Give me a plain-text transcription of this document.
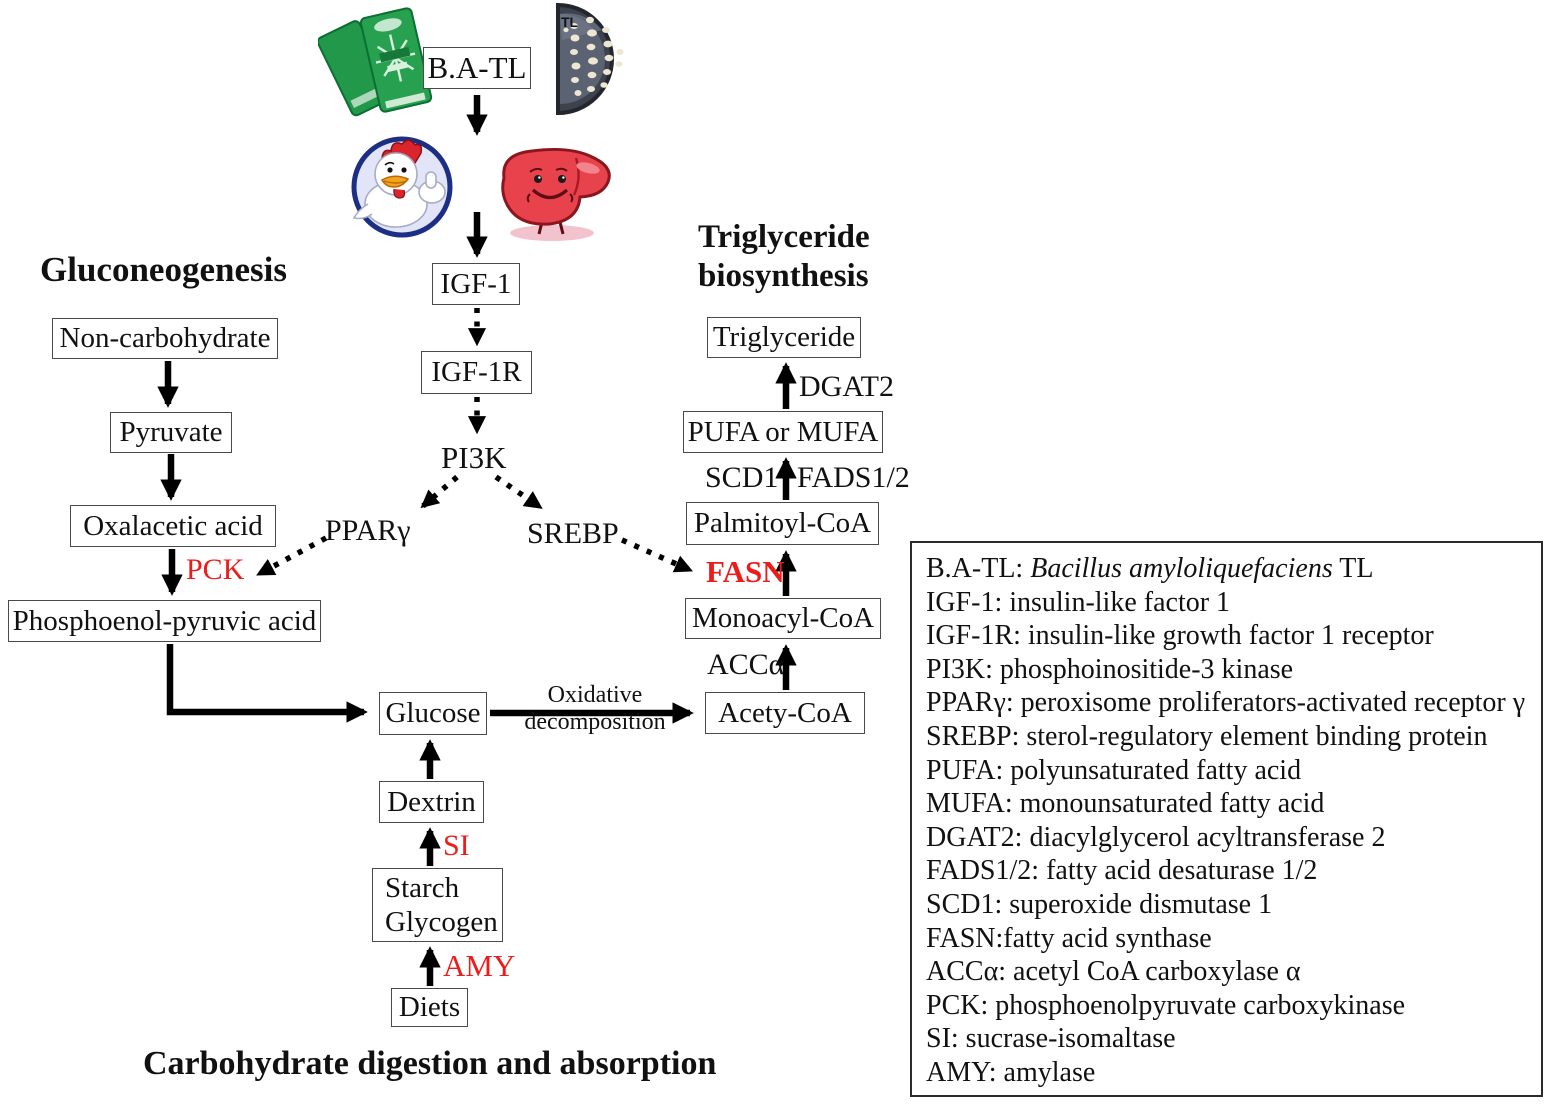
TL
Gluconeogenesis
Triglyceride
biosynthesis
Carbohydrate digestion and absorption
B.A-TL
IGF-1
IGF-1R
Non-carbohydrate
Pyruvate
Oxalacetic acid
Phosphoenol-pyruvic acid
Glucose	Acety-CoA
Monoacyl-CoA
Palmitoyl-CoA
PUFA or MUFA
Triglyceride
Dextrin
Starch
Glycogen
Diets
PI3K
PPARγ	SREBP
PCK	FASN
ACCα
SCD1 FADS1/2
DGAT2
SI
AMY
Oxidative
decomposition
B.A-TL: Bacillus amyloliquefaciens TL
IGF-1: insulin-like factor 1
IGF-1R: insulin-like growth factor 1 receptor
PI3K: phosphoinositide-3 kinase
PPARγ: peroxisome proliferators-activated receptor γ
SREBP: sterol-regulatory element binding protein
PUFA: polyunsaturated fatty acid
MUFA: monounsaturated fatty acid
DGAT2: diacylglycerol acyltransferase 2
FADS1/2: fatty acid desaturase 1/2
SCD1: superoxide dismutase 1
FASN:fatty acid synthase
ACCα: acetyl CoA carboxylase α
PCK: phosphoenolpyruvate carboxykinase
SI: sucrase-isomaltase
AMY: amylase
